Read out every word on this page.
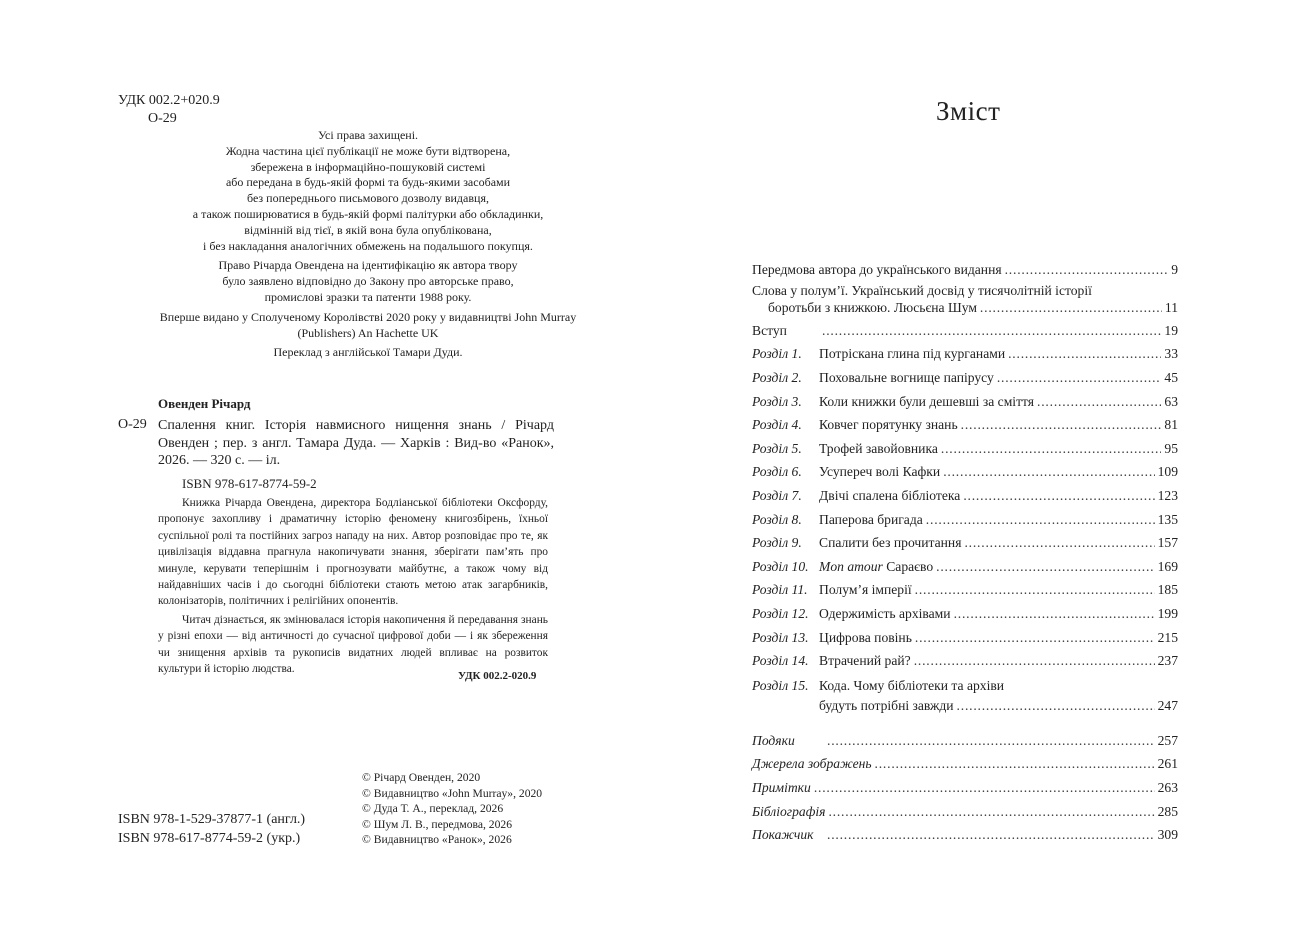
УДК 002.2+020.9
О-29
Усі права захищені.
Жодна частина цієї публікації не може бути відтворена,
збережена в інформаційно-пошуковій системі
або передана в будь-якій формі та будь-якими засобами
без попереднього письмового дозволу видавця,
а також поширюватися в будь-якій формі палітурки або обкладинки,
відмінній від тієї, в якій вона була опублікована,
і без накладання аналогічних обмежень на подальшого покупця.
Право Річарда Овендена на ідентифікацію як автора твору
було заявлено відповідно до Закону про авторське право,
промислові зразки та патенти 1988 року.
Вперше видано у Сполученому Королівстві 2020 року у видавництві John Murray
(Publishers) An Hachette UK
Переклад з англійської Тамари Дуди.
Овенден Річард
О-29 Спалення книг. Історія навмисного нищення знань / Річард Овенден ; пер. з англ. Тамара Дуда. — Харків : Вид-во «Ранок», 2026. — 320 с. — іл.
ISBN 978-617-8774-59-2

Книжка Річарда Овендена, директора Бодліанської бібліотеки Оксфорду, пропонує захопливу і драматичну історію феномену книгозбірень, їхньої суспільної ролі та постійних загроз нападу на них. Автор розповідає про те, як цивілізація віддавна прагнула накопичувати знання, зберігати пам’ять про минуле, керувати теперішнім і прогнозувати майбутнє, а також чому від найдавніших часів і до сьогодні бібліотеки стають метою атак загарбників, колонізаторів, політичних і релігійних опонентів.

Читач дізнається, як змінювалася історія накопичення й передавання знань у різні епохи — від античності до сучасної цифрової доби — і як збереження чи знищення архівів та рукописів видатних людей впливає на розвиток культури й історію людства.

УДК 002.2-020.9
ISBN 978-1-529-37877-1 (англ.)
ISBN 978-617-8774-59-2 (укр.)
© Річард Овенден, 2020
© Видавництво «John Murray», 2020
© Дуда Т. А., переклад, 2026
© Шум Л. В., передмова, 2026
© Видавництво «Ранок», 2026
Зміст
Передмова автора до українського видання . . .	9
Слова у полум’ї. Український досвід у тисячолітній історії
боротьби з книжкою. Люсьєна Шум . . .	11
Вступ . . .	19
Розділ 1.	Потріскана глина під курганами . . .	33
Розділ 2.	Поховальне вогнище папірусу . . .	45
Розділ 3.	Коли книжки були дешевші за сміття . . .	63
Розділ 4.	Ковчег порятунку знань . . .	81
Розділ 5.	Трофей завойовника . . .	95
Розділ 6.	Усупереч волі Кафки . . .	109
Розділ 7.	Двічі спалена бібліотека . . .	123
Розділ 8.	Паперова бригада . . .	135
Розділ 9.	Спалити без прочитання . . .	157
Розділ 10. Mon amour Сараєво . . .	169
Розділ 11. Полум’я імперії . . .	185
Розділ 12. Одержимість архівами . . .	199
Розділ 13. Цифрова повінь . . .	215
Розділ 14. Втрачений рай? . . .	237
Розділ 15. Кода. Чому бібліотеки та архіви
будуть потрібні завжди . . .	247
Подяки . . .	257
Джерела зображень . . .	261
Примітки . . .	263
Бібліографія . . .	285
Покажчик . . .	309
